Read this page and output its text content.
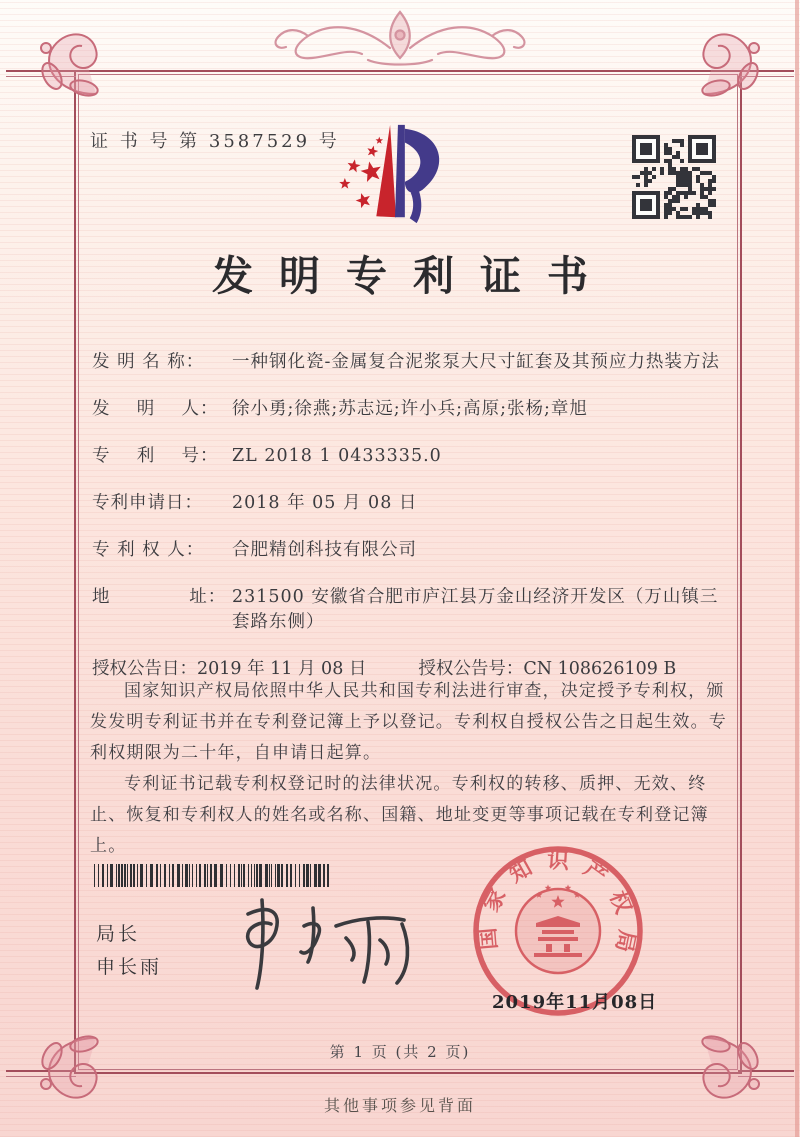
证 书 号 第 3587529 号
发明专利证书
发 明 名 称：	一种钢化瓷-金属复合泥浆泵大尺寸缸套及其预应力热装方法
发    明    人： 徐小勇;徐燕;苏志远;许小兵;高原;张杨;章旭
专    利    号： ZL 2018 1 0433335.0
专利申请日：	2018 年 05 月 08 日
专 利 权 人：	合肥精创科技有限公司
地            址： 231500 安徽省合肥市庐江县万金山经济开发区（万山镇三套路东侧）
授权公告日： 2019 年 11 月 08 日	授权公告号： CN 108626109 B

国家知识产权局依照中华人民共和国专利法进行审查，决定授予专利权，颁发发明专利证书并在专利登记簿上予以登记。专利权自授权公告之日起生效。专利权期限为二十年，自申请日起算。

专利证书记载专利权登记时的法律状况。专利权的转移、质押、无效、终止、恢复和专利权人的姓名或名称、国籍、地址变更等事项记载在专利登记簿上。

局长
申长雨
国家知识产权局
2019年11月08日
第 1 页 (共 2 页)
其他事项参见背面
